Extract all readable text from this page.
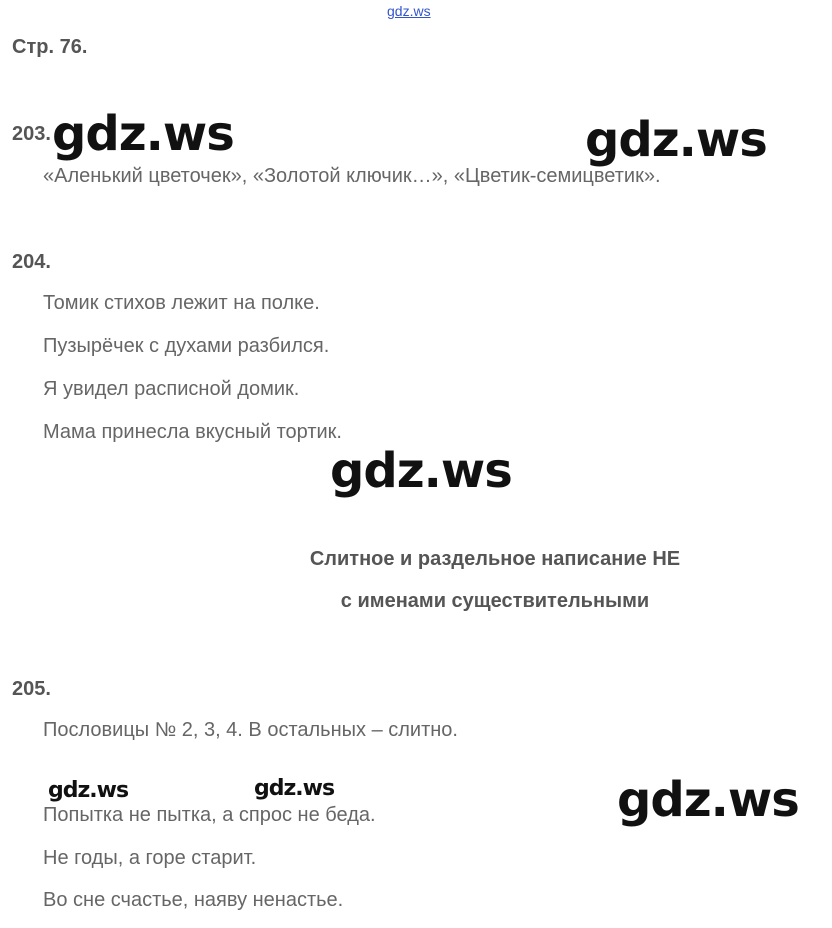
gdz.ws
Стр. 76.
203.
«Аленький цветочек», «Золотой ключик…», «Цветик-семицветик».
204.
Томик стихов лежит на полке.
Пузырёчек с духами разбился.
Я увидел расписной домик.
Мама принесла вкусный тортик.
Слитное и раздельное написание НЕ
с именами существительными
205.
Пословицы № 2, 3, 4. В остальных – слитно.
Попытка не пытка, а спрос не беда.
Не годы, а горе старит.
Во сне счастье, наяву ненастье.
gdz.ws	gdz.ws
gdz.ws
gdz.ws	gdz.ws	gdz.ws
